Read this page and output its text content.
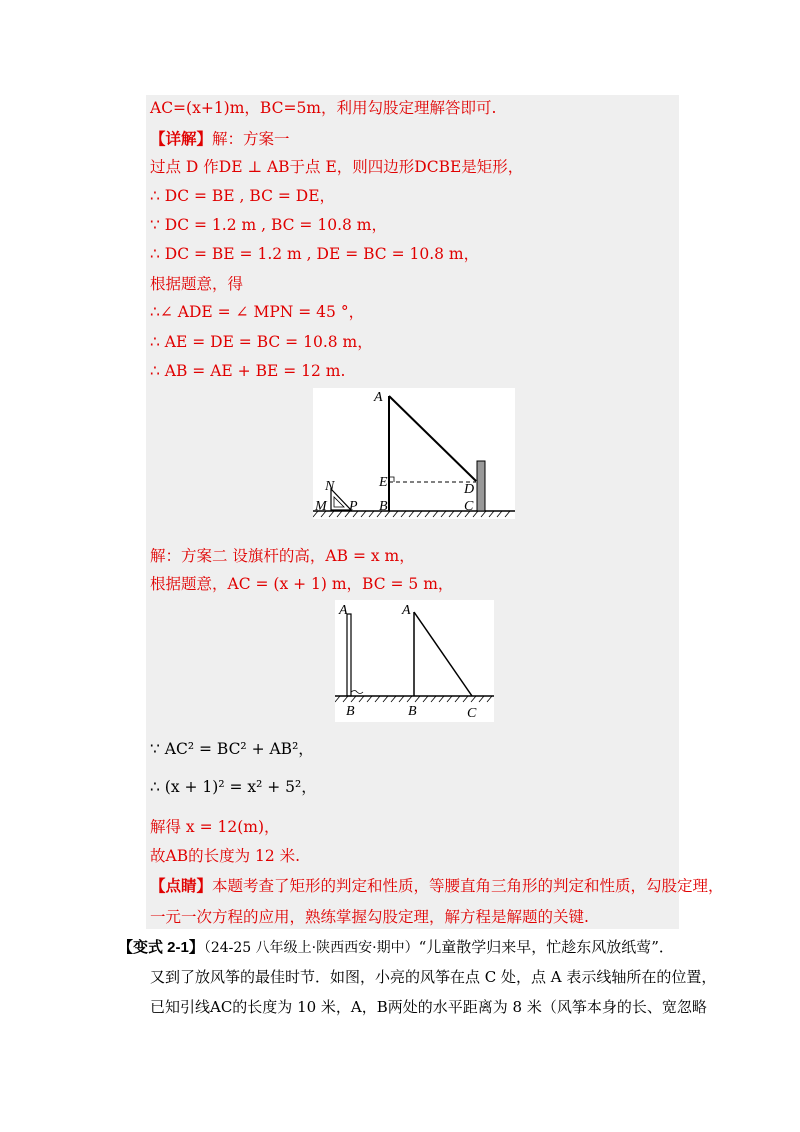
AC=(x+1)m，BC=5m，利用勾股定理解答即可.
【详解】解：方案一
过点 D 作DE ⊥ AB于点 E，则四边形DCBE是矩形，
∴ DC = BE , BC = DE，
∵ DC = 1.2 m , BC = 10.8 m，
∴ DC = BE = 1.2 m , DE = BC = 10.8 m，
根据题意，得
∴∠ ADE = ∠ MPN = 45 °，
∴ AE = DE = BC = 10.8 m，
∴ AB = AE + BE = 12 m.
A
N	E	D
M P B	C
解：方案二 设旗杆的高，AB = x m，
根据题意，AC = (x + 1) m，BC = 5 m，
A	A
B	B	C
∵ AC² = BC² + AB²，
∴ (x + 1)² = x² + 5²，
解得 x = 12(m)，
故AB的长度为 12 米.
【点睛】本题考查了矩形的判定和性质，等腰直角三角形的判定和性质，勾股定理，
一元一次方程的应用，熟练掌握勾股定理，解方程是解题的关键.
【变式 2-1】（24-25 八年级上·陕西西安·期中）“儿童散学归来早，忙趁东风放纸莺”．
又到了放风筝的最佳时节．如图，小亮的风筝在点 C 处，点 A 表示线轴所在的位置，
已知引线AC的长度为 10 米，A，B两处的水平距离为 8 米（风筝本身的长、宽忽略
